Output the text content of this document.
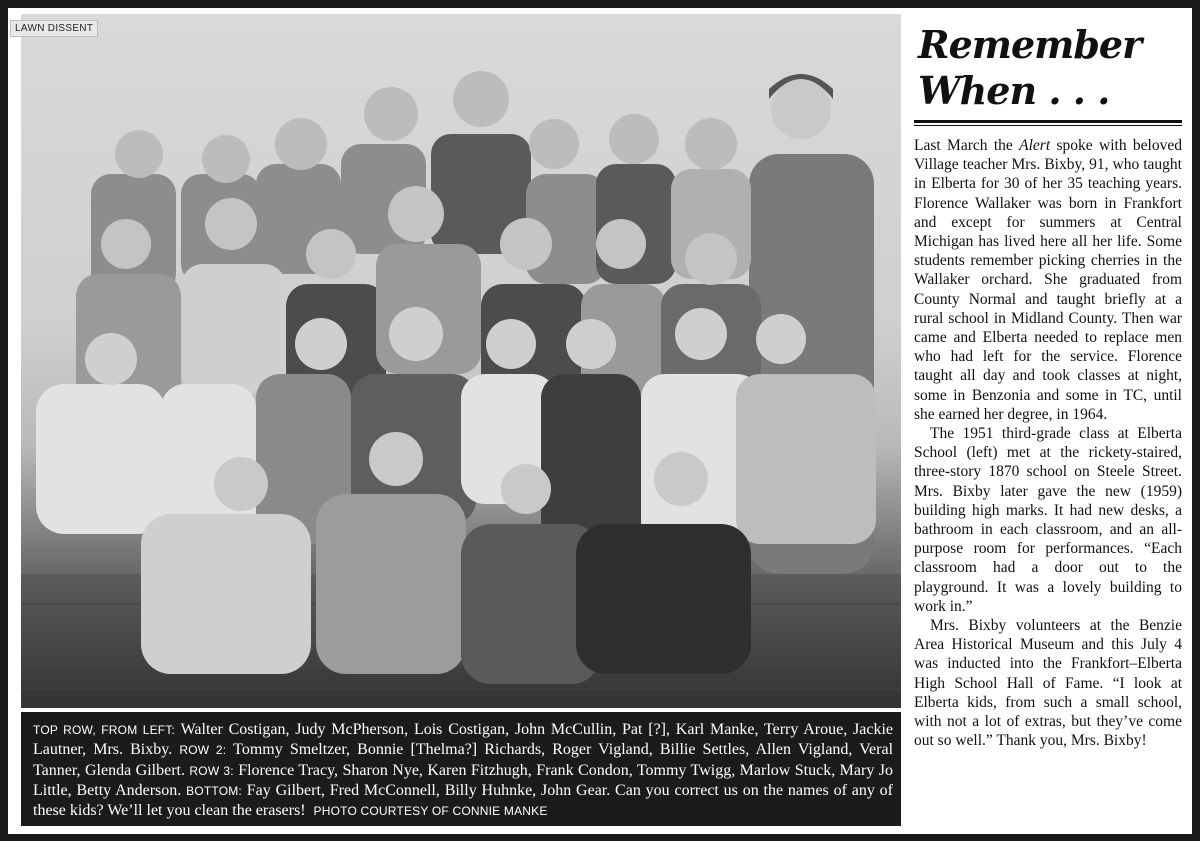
LAWN DISSENT
TOP ROW, FROM LEFT: Walter Costigan, Judy McPherson, Lois Costigan, John McCullin, Pat [?], Karl Manke, Terry Aroue, Jackie Lautner, Mrs. Bixby. ROW 2: Tommy Smeltzer, Bonnie [Thelma?] Richards, Roger Vigland, Billie Settles, Allen Vigland, Veral Tanner, Glenda Gilbert. ROW 3: Florence Tracy, Sharon Nye, Karen Fitzhugh, Frank Condon, Tommy Twigg, Marlow Stuck, Mary Jo Little, Betty Anderson. BOTTOM: Fay Gilbert, Fred McConnell, Billy Huhnke, John Gear. Can you correct us on the names of any of these kids? We’ll let you clean the erasers! PHOTO COURTESY OF CONNIE MANKE
Remember
When . . .

Last March the Alert spoke with beloved Village teacher Mrs. Bixby, 91, who taught in Elberta for 30 of her 35 teaching years. Florence Wallaker was born in Frankfort and except for summers at Central Michigan has lived here all her life. Some students remember picking cherries in the Wallaker orchard. She graduated from County Normal and taught briefly at a rural school in Midland County. Then war came and Elberta needed to replace men who had left for the service. Florence taught all day and took classes at night, some in Benzonia and some in TC, until she earned her degree, in 1964.

The 1951 third-grade class at Elberta School (left) met at the rickety-staired, three-story 1870 school on Steele Street. Mrs. Bixby later gave the new (1959) building high marks. It had new desks, a bathroom in each classroom, and an all-purpose room for performances. “Each classroom had a door out to the playground. It was a lovely building to work in.”

Mrs. Bixby volunteers at the Benzie Area Historical Museum and this July 4 was inducted into the Frankfort–Elberta High School Hall of Fame. “I look at Elberta kids, from such a small school, with not a lot of extras, but they’ve come out so well.” Thank you, Mrs. Bixby!
